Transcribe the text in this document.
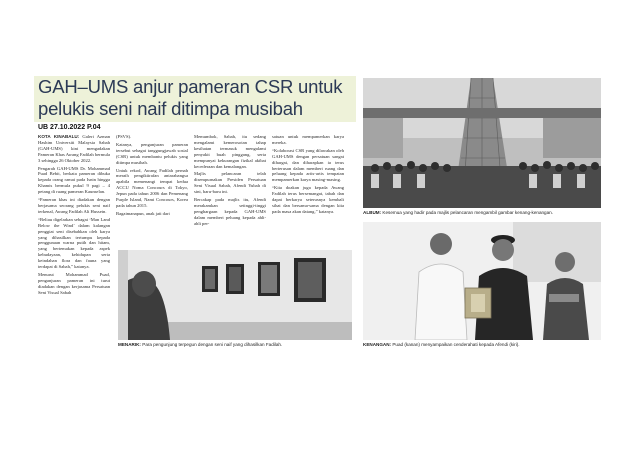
GAH–UMS anjur pameran CSR untuk
pelukis seni naif ditimpa musibah
UB 27.10.2022 P.04

KOTA KINABALU: Galeri Azman Hashim Universiti Malaysia Sabah (GAH-UMS) kini mengadakan Pameran Khas Awang Fadilah bermula 3 sehingga 26 Oktober 2022.

Pengarah GAH-UMS Dr. Mohammad Puad Bebit, berkata pameran dibuka kepada orang ramai pada Isnin hingga Khamis bermula pukul 9 pagi – 4 petang di ruang pameran Kaunselan.

“Pameran khas ini diadakan dengan berjasama seorang pelukis seni naif terkenal, Awang Fadilah Ali Hussein.

“Beliau digelarkan sebagai ‘Man Land Below the Wind’ dalam kalangan penggiat seni disebabkan oleh karya yang dihasilkan tertumpu kepada penggunaan warna putih dan hitam, yang bertemakan kepada aspek kebudayaan, kehidupan serta keindahan flora dan fauna yang terdapat di Sabah,” katanya.

Menurut Mohammad Puad, penganjuran pameran ini turut diadakan dengan kerjasama Persatuan Seni Visual Sabah

(PSVS).

Katanya, penganjuran pameran tersebut sebagai tanggungjawab sosial (CSR) untuk membantu pelukis yang ditimpa musibah.

Untuk rekod, Awang Fadilah pernah meraih pengiktirafan antarabangsa apabila memenangi tempat kedua ACCU Noma Concours di Tokyo, Jepun pada tahun 2006 dan Pemenang Purple Island, Nami Concours, Korea pada tahun 2015.

Bagaimanapun, anak jati dari

Memumbok, Sabah, itu sedang mengalami kemerosotan tahap kesihatan termasuk mengalami penyakit buah pinggang, serta mempunyai kekurangan fizikal akibat kecederaan dan kemalangan.

Majlis pelancaran telah disempurnakan Presiden Persatuan Seni Visual Sabah, Afendi Yubah di sini, baru-baru ini.

Bercakap pada majlis itu, Afendi merakamkan setinggi-tinggi penghargaan kepada GAH-UMS dalam memberi peluang kepada ahli-ahli per-

satuan untuk mempamerkan karya mereka.

“Kolaborasi CSR yang dilawakan oleh GAH-UMS dengan persatuan sangat dihargai, dan diharapkan ia terus berterusan dalam memberi ruang dan peluang kepada artis-artis tempatan mempamerkan karya masing-masing.

“Kita doakan juga kepada Awang Fadilah terus bersemangat, tabah dan dapat berkarya seterusnya kembali sihat dan bersama-sama dengan kita pada masa akan datang,” katanya.	ALBUM: Kesemua yang hadir pada majlis pelancaran mengambil gambar kenang-kenangan.
MENARIK: Para pengunjung terpegun dengan seni naif yang dihasilkan Fadilah.	KENANGAN: Puad (kanan) menyampaikan cenderahati kepada Afendi (kiri).
